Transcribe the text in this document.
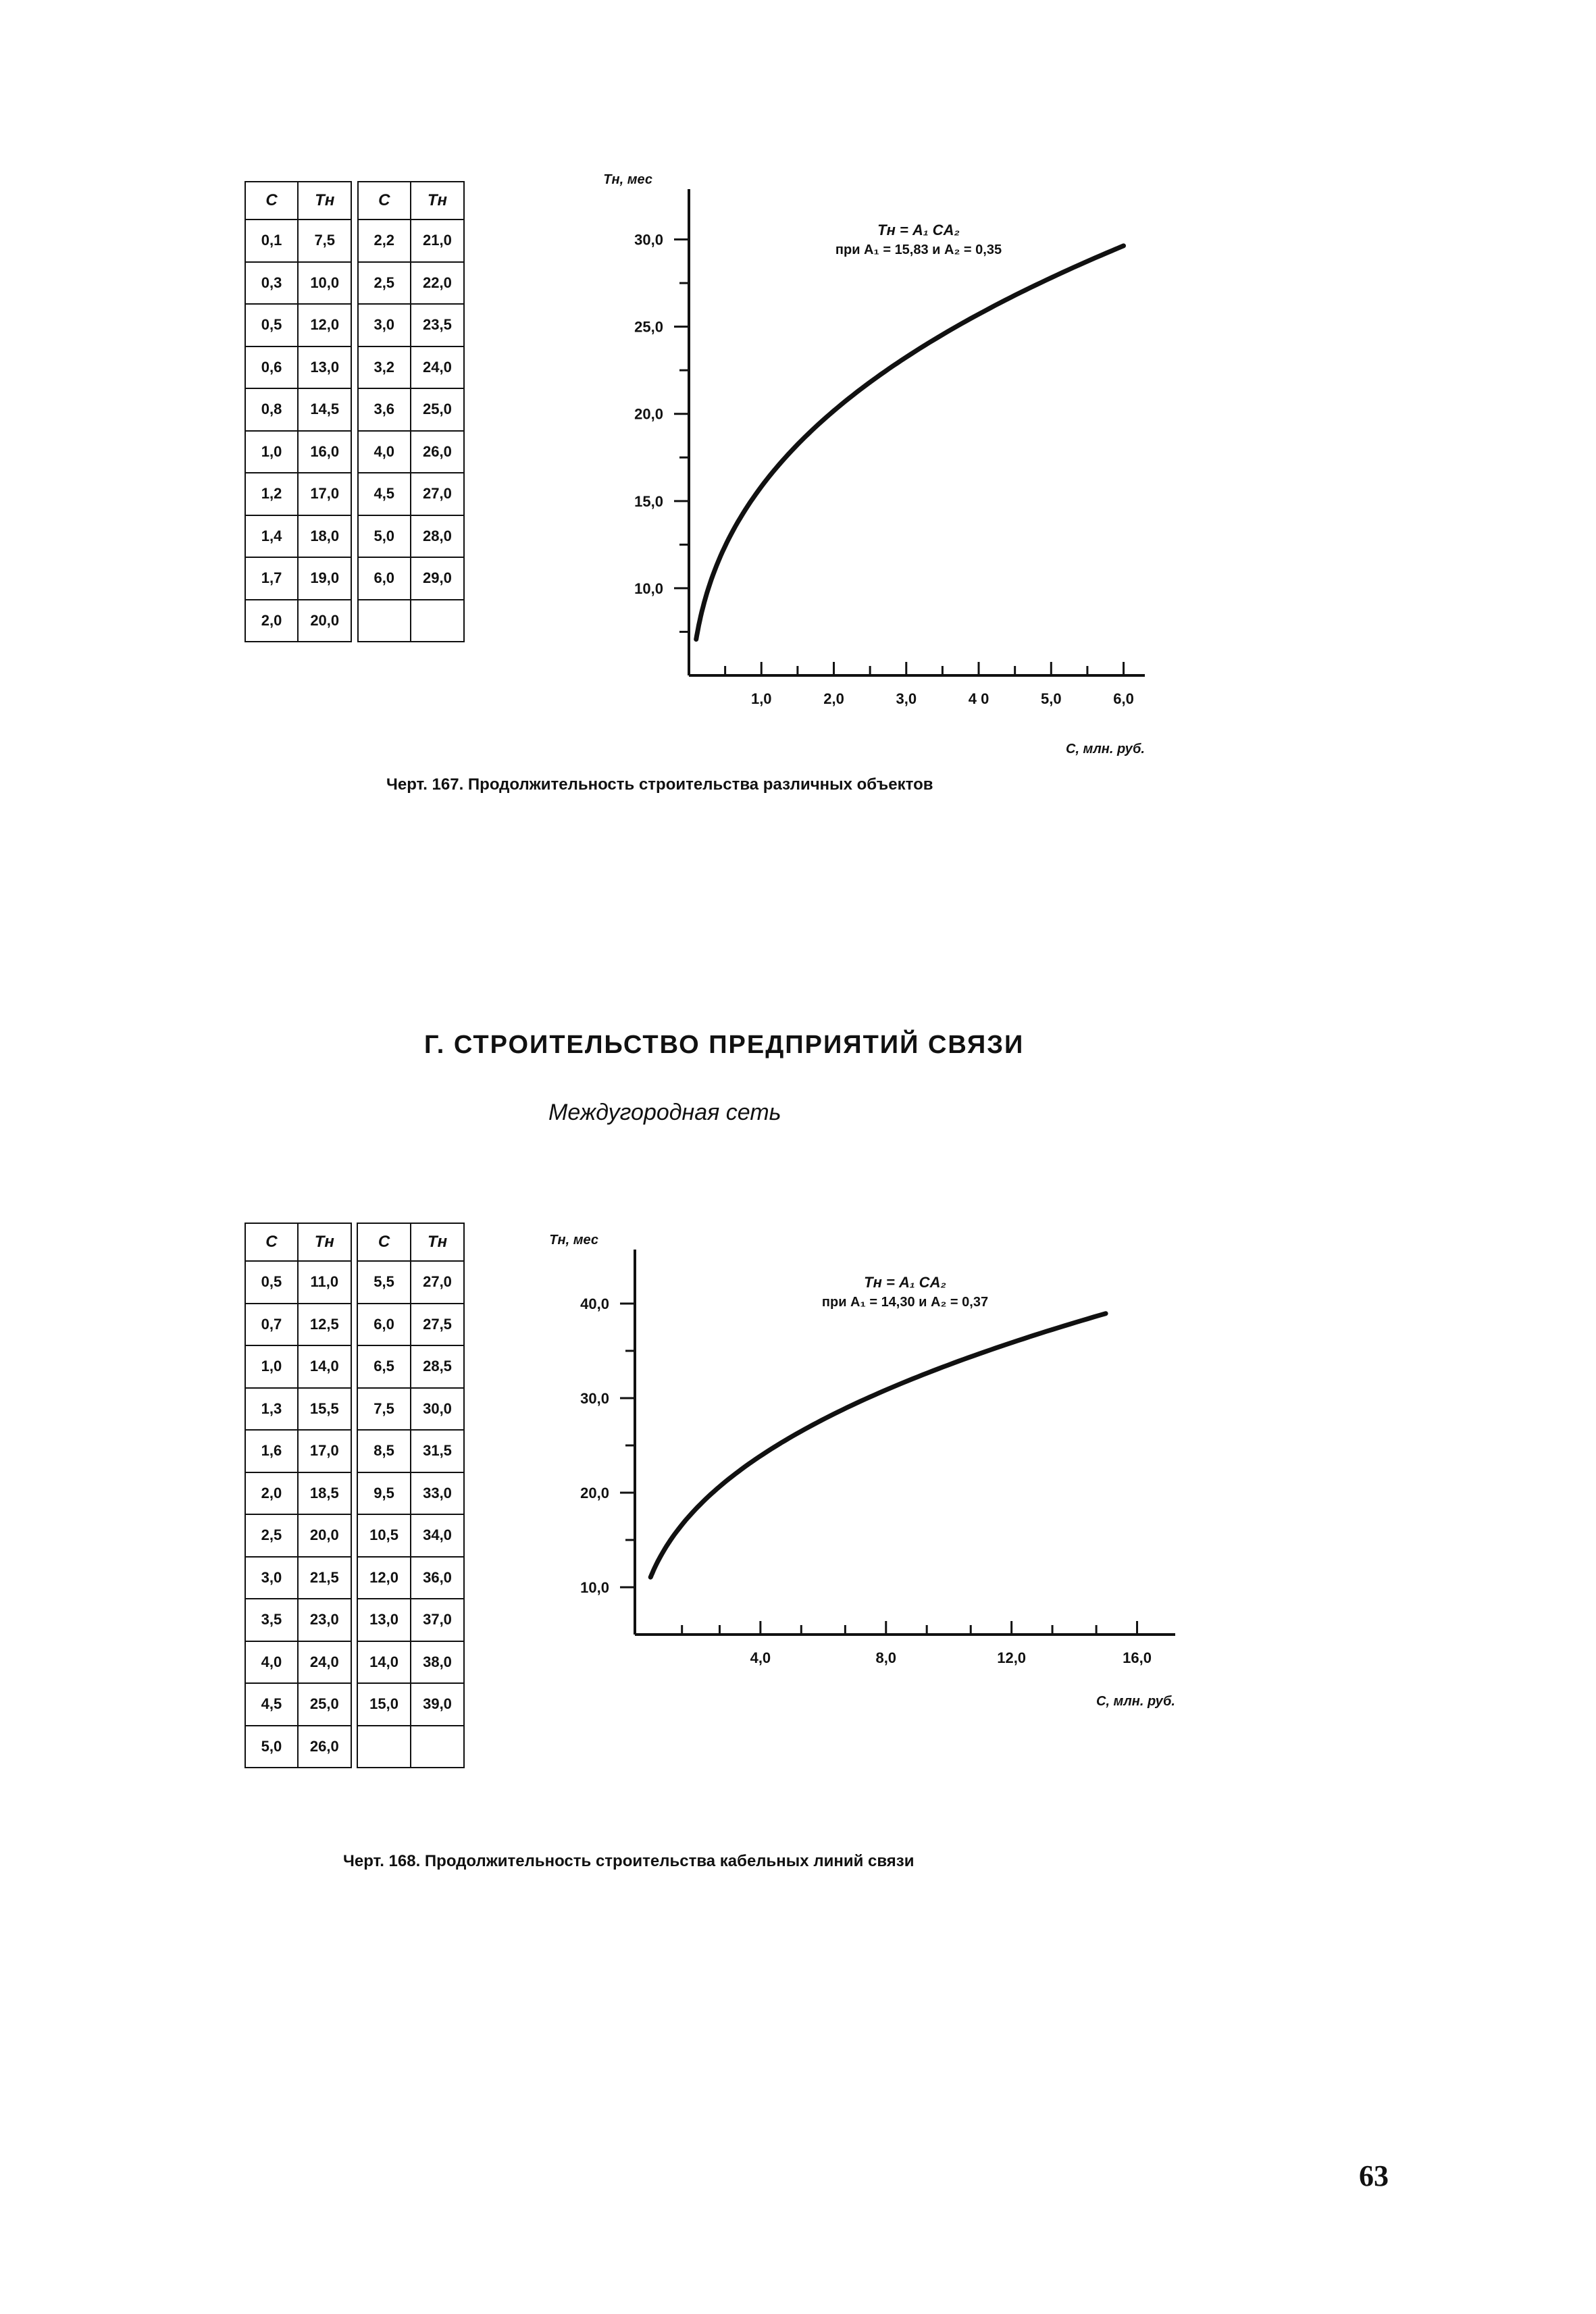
C	Tн		C	Tн
0,1	7,5		2,2	21,0
0,3	10,0		2,5	22,0
0,5	12,0		3,0	23,5
0,6	13,0		3,2	24,0
0,8	14,5		3,6	25,0
1,0	16,0		4,0	26,0
1,2	17,0		4,5	27,0
1,4	18,0		5,0	28,0
1,7	19,0		6,0	29,0
2,0	20,0			
10,0
15,0
20,0
25,0
30,0
1,0	2,0	3,0	4 0	5,0	6,0
Tн, мес
C, млн. руб.
Tн = A₁ CA₂
при A₁ = 15,83 и A₂ = 0,35
Черт. 167. Продолжительность строительства различных объектов
Г. СТРОИТЕЛЬСТВО ПРЕДПРИЯТИЙ СВЯЗИ
Междугородная сеть
C	Tн		C	Tн
0,5	11,0		5,5	27,0
0,7	12,5		6,0	27,5
1,0	14,0		6,5	28,5
1,3	15,5		7,5	30,0
1,6	17,0		8,5	31,5
2,0	18,5		9,5	33,0
2,5	20,0		10,5	34,0
3,0	21,5		12,0	36,0
3,5	23,0		13,0	37,0
4,0	24,0		14,0	38,0
4,5	25,0		15,0	39,0
5,0	26,0			
10,0
20,0
30,0
40,0
4,0	8,0	12,0	16,0
Tн, мес
C, млн. руб.
Tн = A₁ CA₂
при A₁ = 14,30 и A₂ = 0,37
Черт. 168. Продолжительность строительства кабельных линий связи
63
